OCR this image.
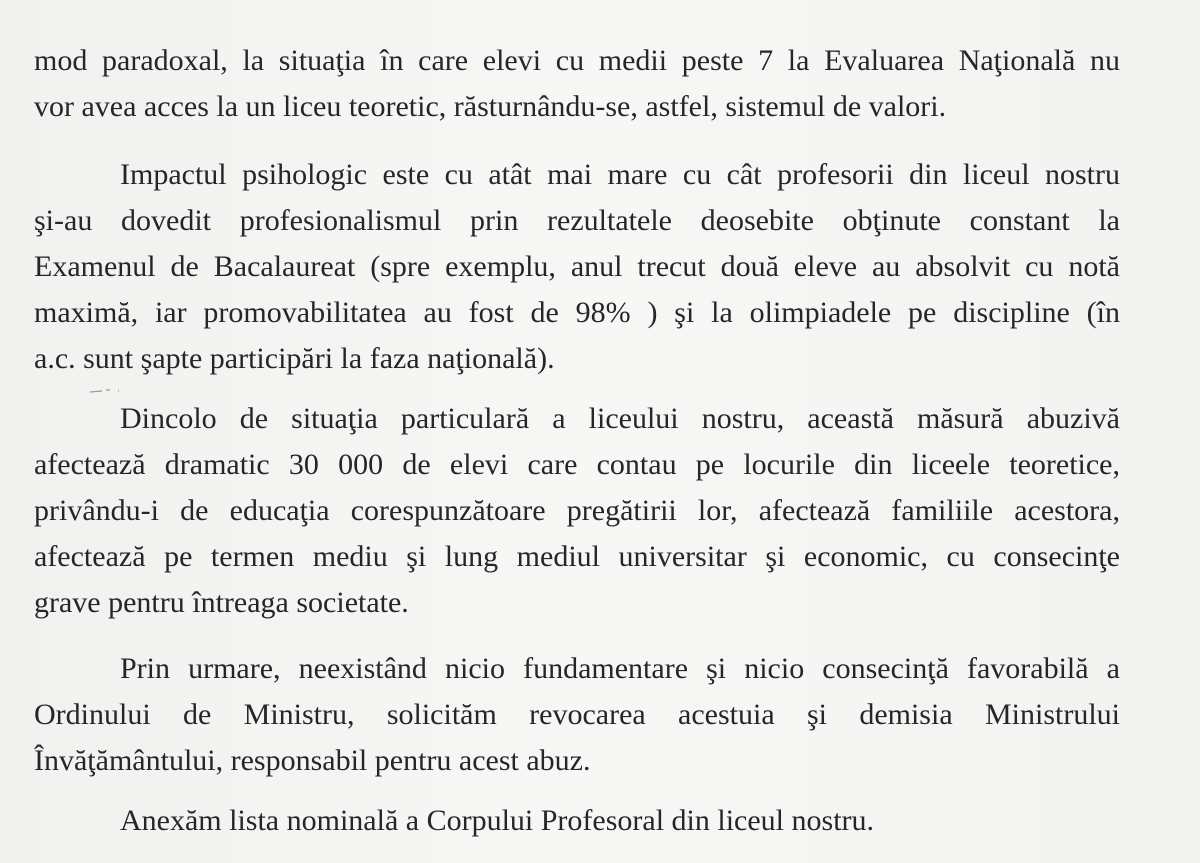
mod paradoxal, la situaţia în care elevi cu medii peste 7 la Evaluarea Naţională nu
vor avea acces la un liceu teoretic, răsturnându-se, astfel, sistemul de valori.
Impactul psihologic este cu atât mai mare cu cât profesorii din liceul nostru
şi-au dovedit profesionalismul prin rezultatele deosebite obţinute constant la
Examenul de Bacalaureat (spre exemplu, anul trecut două eleve au absolvit cu notă
maximă, iar promovabilitatea au fost de 98% ) şi la olimpiadele pe discipline (în
a.c. sunt şapte participări la faza naţională).
Dincolo de situaţia particulară a liceului nostru, această măsură abuzivă
afectează dramatic 30 000 de elevi care contau pe locurile din liceele teoretice,
privându-i de educaţia corespunzătoare pregătirii lor, afectează familiile acestora,
afectează pe termen mediu şi lung mediul universitar şi economic, cu consecinţe
grave pentru întreaga societate.
Prin urmare, neexistând nicio fundamentare şi nicio consecinţă favorabilă a
Ordinului de Ministru, solicităm revocarea acestuia şi demisia Ministrului
Învăţământului, responsabil pentru acest abuz.
Anexăm lista nominală a Corpului Profesoral din liceul nostru.
